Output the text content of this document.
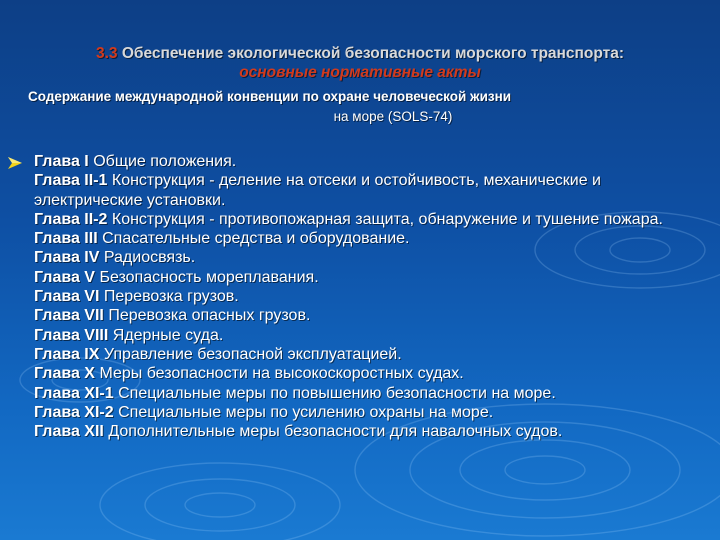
3.3 Обеспечение экологической безопасности морского транспорта:
основные нормативные акты
Содержание международной конвенции по охране человеческой жизни
на море (SOLS-74)
Глава I Общие положения.
Глава II-1 Конструкция - деление на отсеки и остойчивость, механические и электрические установки.
Глава II-2 Конструкция - противопожарная защита, обнаружение и тушение пожара.
Глава III Спасательные средства и оборудование.
Глава IV Радиосвязь.
Глава V Безопасность мореплавания.
Глава VI Перевозка грузов.
Глава VII Перевозка опасных грузов.
Глава VIII Ядерные суда.
Глава IX Управление безопасной эксплуатацией.
Глава X Меры безопасности на высокоскоростных судах.
Глава XI-1 Специальные меры по повышению безопасности на море.
Глава XI-2 Специальные меры по усилению охраны на море.
Глава XII Дополнительные меры безопасности для навалочных судов.
